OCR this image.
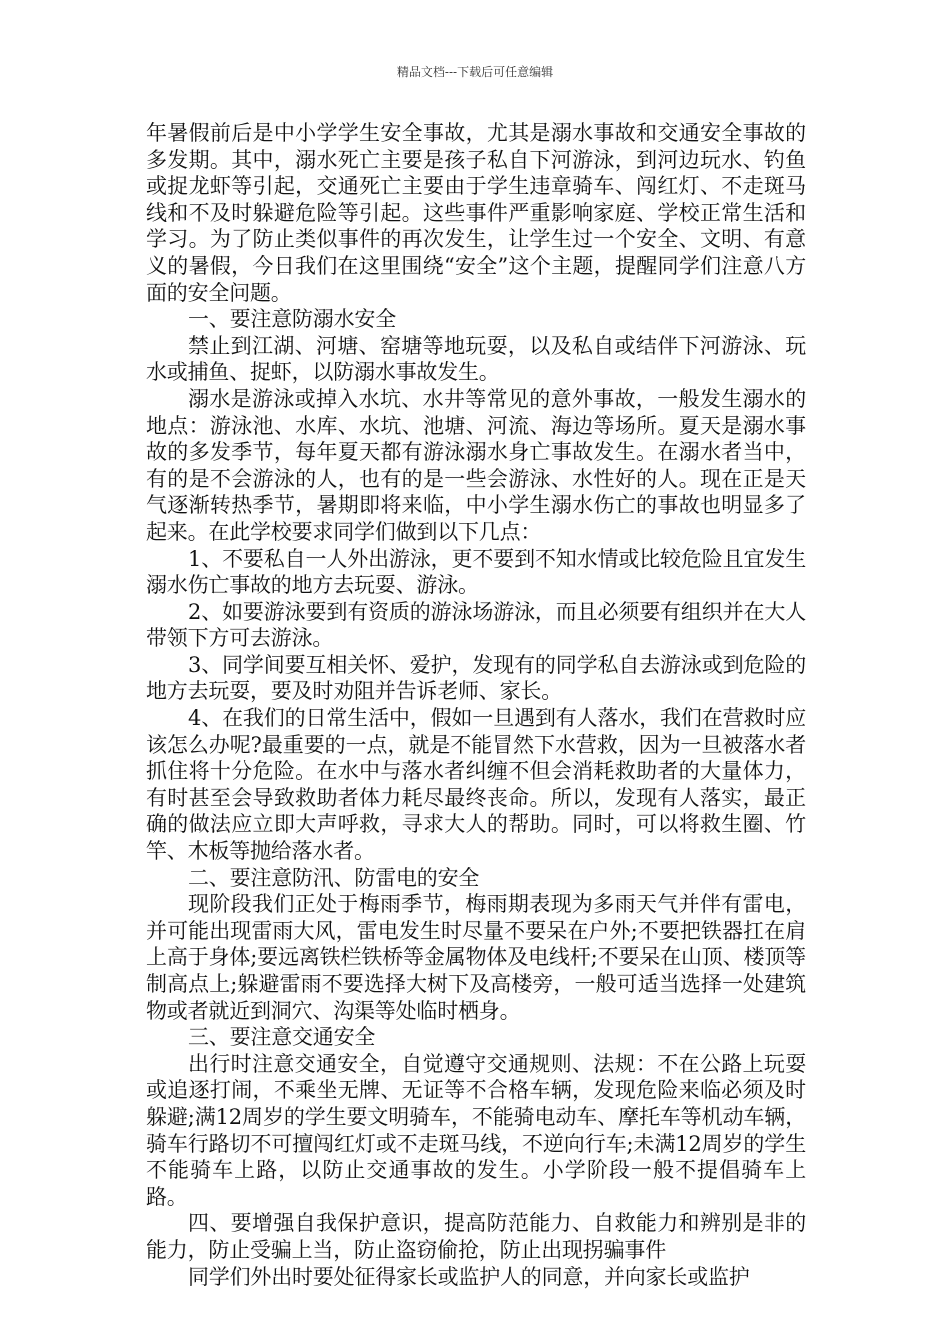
精品文档---下载后可任意编辑

年暑假前后是中小学学生安全事故，尤其是溺水事故和交通安全事故的多发期。其中，溺水死亡主要是孩子私自下河游泳，到河边玩水、钓鱼或捉龙虾等引起，交通死亡主要由于学生违章骑车、闯红灯、不走斑马线和不及时躲避危险等引起。这些事件严重影响家庭、学校正常生活和学习。为了防止类似事件的再次发生，让学生过一个安全、文明、有意义的暑假，今日我们在这里围绕“安全”这个主题，提醒同学们注意八方面的安全问题。

一、要注意防溺水安全

禁止到江湖、河塘、窑塘等地玩耍，以及私自或结伴下河游泳、玩水或捕鱼、捉虾，以防溺水事故发生。

溺水是游泳或掉入水坑、水井等常见的意外事故，一般发生溺水的地点：游泳池、水库、水坑、池塘、河流、海边等场所。夏天是溺水事故的多发季节，每年夏天都有游泳溺水身亡事故发生。在溺水者当中，有的是不会游泳的人，也有的是一些会游泳、水性好的人。现在正是天气逐渐转热季节，暑期即将来临，中小学生溺水伤亡的事故也明显多了起来。在此学校要求同学们做到以下几点：

1、不要私自一人外出游泳，更不要到不知水情或比较危险且宜发生溺水伤亡事故的地方去玩耍、游泳。

2、如要游泳要到有资质的游泳场游泳，而且必须要有组织并在大人带领下方可去游泳。

3、同学间要互相关怀、爱护，发现有的同学私自去游泳或到危险的地方去玩耍，要及时劝阻并告诉老师、家长。

4、在我们的日常生活中，假如一旦遇到有人落水，我们在营救时应该怎么办呢?最重要的一点，就是不能冒然下水营救，因为一旦被落水者抓住将十分危险。在水中与落水者纠缠不但会消耗救助者的大量体力，有时甚至会导致救助者体力耗尽最终丧命。所以，发现有人落实，最正确的做法应立即大声呼救，寻求大人的帮助。同时，可以将救生圈、竹竿、木板等抛给落水者。

二、要注意防汛、防雷电的安全

现阶段我们正处于梅雨季节，梅雨期表现为多雨天气并伴有雷电，并可能出现雷雨大风，雷电发生时尽量不要呆在户外;不要把铁器扛在肩上高于身体;要远离铁栏铁桥等金属物体及电线杆;不要呆在山顶、楼顶等制高点上;躲避雷雨不要选择大树下及高楼旁，一般可适当选择一处建筑物或者就近到洞穴、沟渠等处临时栖身。

三、要注意交通安全

出行时注意交通安全，自觉遵守交通规则、法规：不在公路上玩耍或追逐打闹，不乘坐无牌、无证等不合格车辆，发现危险来临必须及时躲避;满12周岁的学生要文明骑车，不能骑电动车、摩托车等机动车辆，骑车行路切不可擅闯红灯或不走斑马线，不逆向行车;未满12周岁的学生不能骑车上路，以防止交通事故的发生。小学阶段一般不提倡骑车上路。

四、要增强自我保护意识，提高防范能力、自救能力和辨别是非的能力，防止受骗上当，防止盗窃偷抢，防止出现拐骗事件

同学们外出时要处征得家长或监护人的同意，并向家长或监护
